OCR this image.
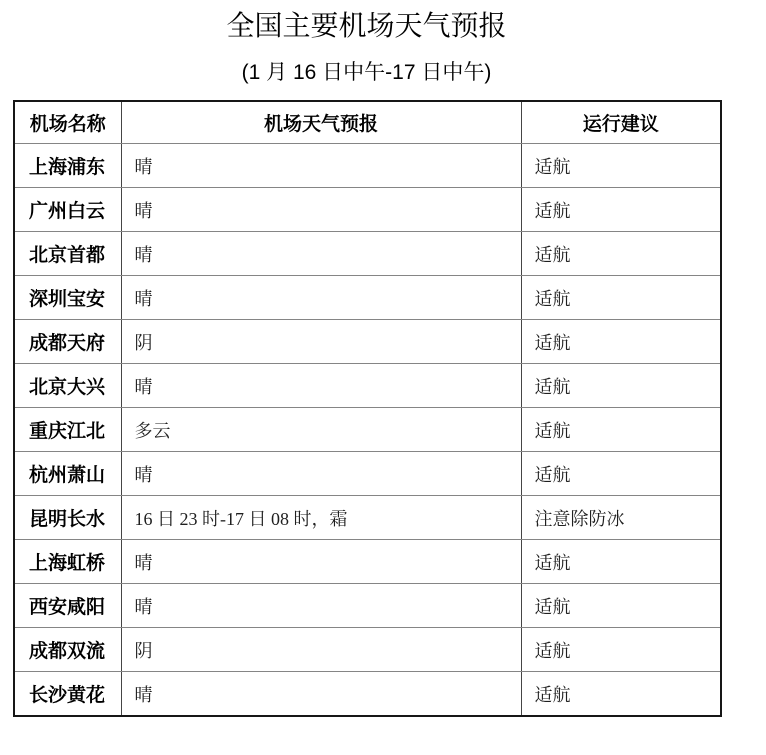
全国主要机场天气预报
(1 月 16 日中午-17 日中午)
机场名称	机场天气预报	运行建议
上海浦东	晴	适航
广州白云	晴	适航
北京首都	晴	适航
深圳宝安	晴	适航
成都天府	阴	适航
北京大兴	晴	适航
重庆江北	多云	适航
杭州萧山	晴	适航
昆明长水	16 日 23 时-17 日 08 时，霜	注意除防冰
上海虹桥	晴	适航
西安咸阳	晴	适航
成都双流	阴	适航
长沙黄花	晴	适航
